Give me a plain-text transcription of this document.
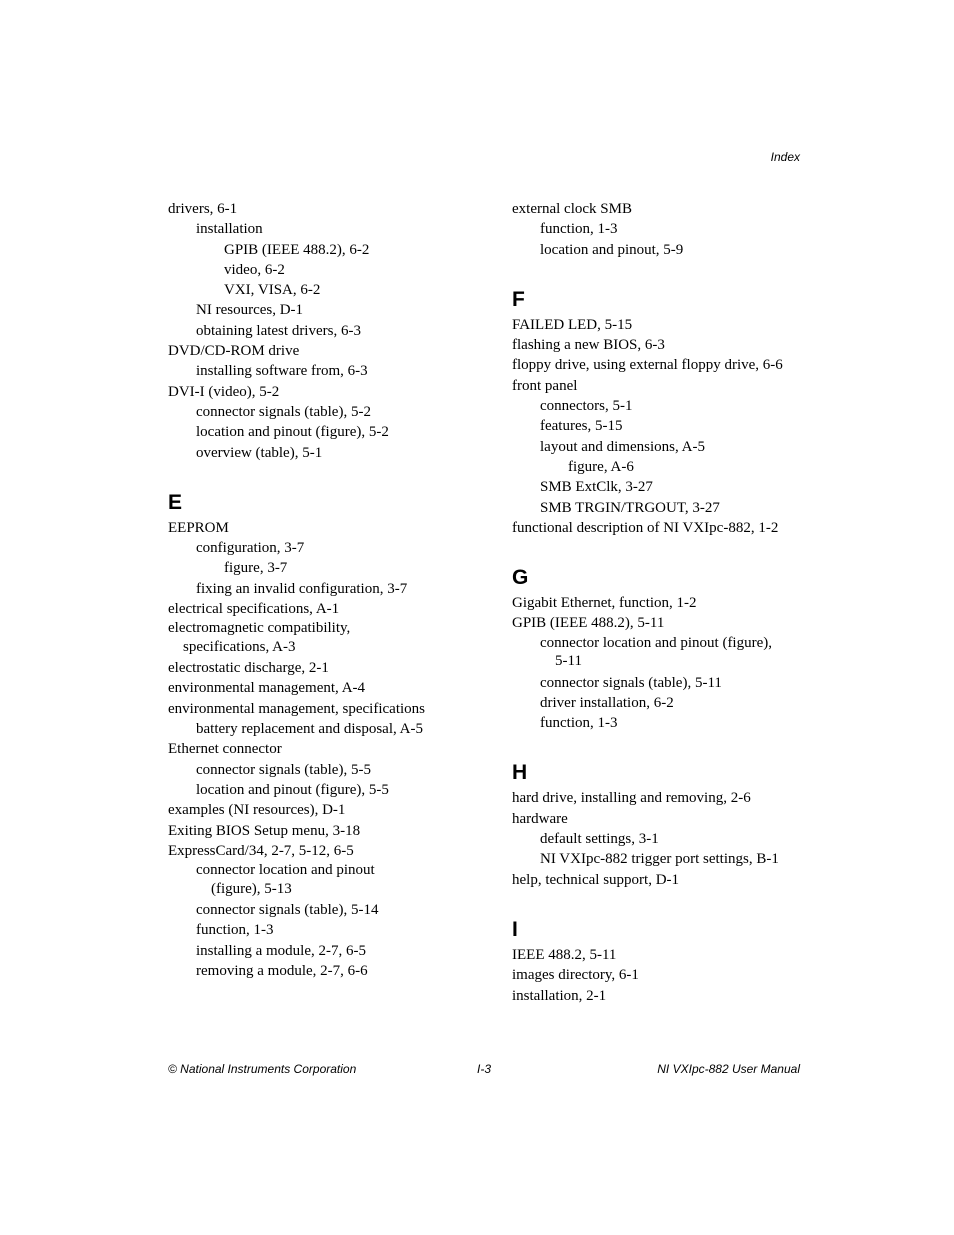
Index
drivers, 6-1
installation
GPIB (IEEE 488.2), 6-2
video, 6-2
VXI, VISA, 6-2
NI resources, D-1
obtaining latest drivers, 6-3
DVD/CD-ROM drive
installing software from, 6-3
DVI-I (video), 5-2
connector signals (table), 5-2
location and pinout (figure), 5-2
overview (table), 5-1
E
EEPROM
configuration, 3-7
figure, 3-7
fixing an invalid configuration, 3-7
electrical specifications, A-1
electromagnetic compatibility,
specifications, A-3
electrostatic discharge, 2-1
environmental management, A-4
environmental management, specifications
battery replacement and disposal, A-5
Ethernet connector
connector signals (table), 5-5
location and pinout (figure), 5-5
examples (NI resources), D-1
Exiting BIOS Setup menu, 3-18
ExpressCard/34, 2-7, 5-12, 6-5
connector location and pinout
(figure), 5-13
connector signals (table), 5-14
function, 1-3
installing a module, 2-7, 6-5
removing a module, 2-7, 6-6
external clock SMB
function, 1-3
location and pinout, 5-9
F
FAILED LED, 5-15
flashing a new BIOS, 6-3
floppy drive, using external floppy drive, 6-6
front panel
connectors, 5-1
features, 5-15
layout and dimensions, A-5
figure, A-6
SMB ExtClk, 3-27
SMB TRGIN/TRGOUT, 3-27
functional description of NI VXIpc-882, 1-2
G
Gigabit Ethernet, function, 1-2
GPIB (IEEE 488.2), 5-11
connector location and pinout (figure),
5-11
connector signals (table), 5-11
driver installation, 6-2
function, 1-3
H
hard drive, installing and removing, 2-6
hardware
default settings, 3-1
NI VXIpc-882 trigger port settings, B-1
help, technical support, D-1
I
IEEE 488.2, 5-11
images directory, 6-1
installation, 2-1
© National Instruments Corporation	I-3	NI VXIpc-882 User Manual
